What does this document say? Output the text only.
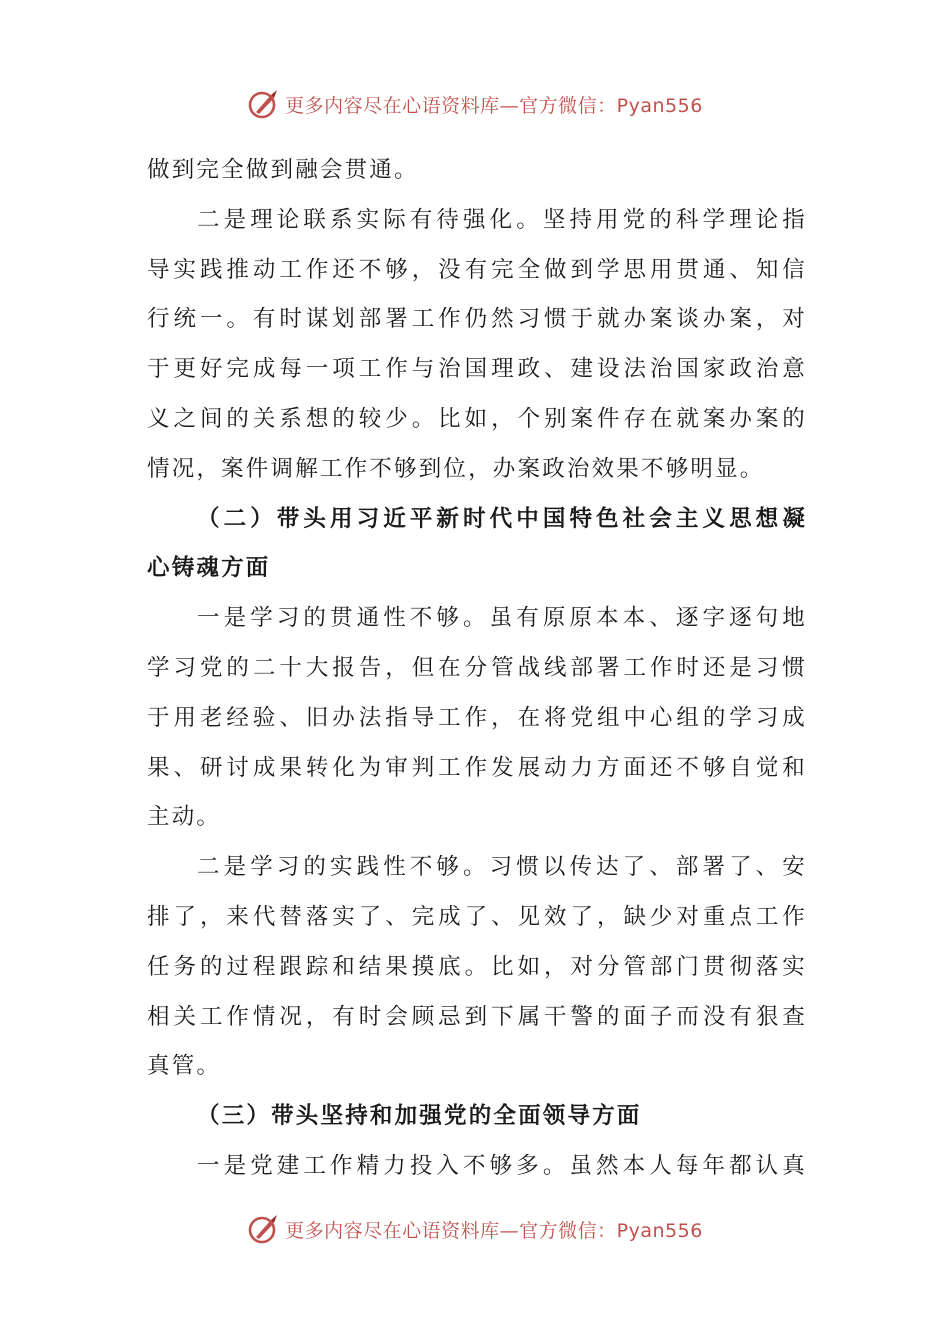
更多内容尽在心语资料库—官方微信：Pyan556
做到完全做到融会贯通。
二是理论联系实际有待强化。坚持用党的科学理论指
导实践推动工作还不够，没有完全做到学思用贯通、知信
行统一。有时谋划部署工作仍然习惯于就办案谈办案，对
于更好完成每一项工作与治国理政、建设法治国家政治意
义之间的关系想的较少。比如，个别案件存在就案办案的
情况，案件调解工作不够到位，办案政治效果不够明显。
（二）带头用习近平新时代中国特色社会主义思想凝
心铸魂方面
一是学习的贯通性不够。虽有原原本本、逐字逐句地
学习党的二十大报告，但在分管战线部署工作时还是习惯
于用老经验、旧办法指导工作，在将党组中心组的学习成
果、研讨成果转化为审判工作发展动力方面还不够自觉和
主动。
二是学习的实践性不够。习惯以传达了、部署了、安
排了，来代替落实了、完成了、见效了，缺少对重点工作
任务的过程跟踪和结果摸底。比如，对分管部门贯彻落实
相关工作情况，有时会顾忌到下属干警的面子而没有狠查
真管。
（三）带头坚持和加强党的全面领导方面
一是党建工作精力投入不够多。虽然本人每年都认真
更多内容尽在心语资料库—官方微信：Pyan556
